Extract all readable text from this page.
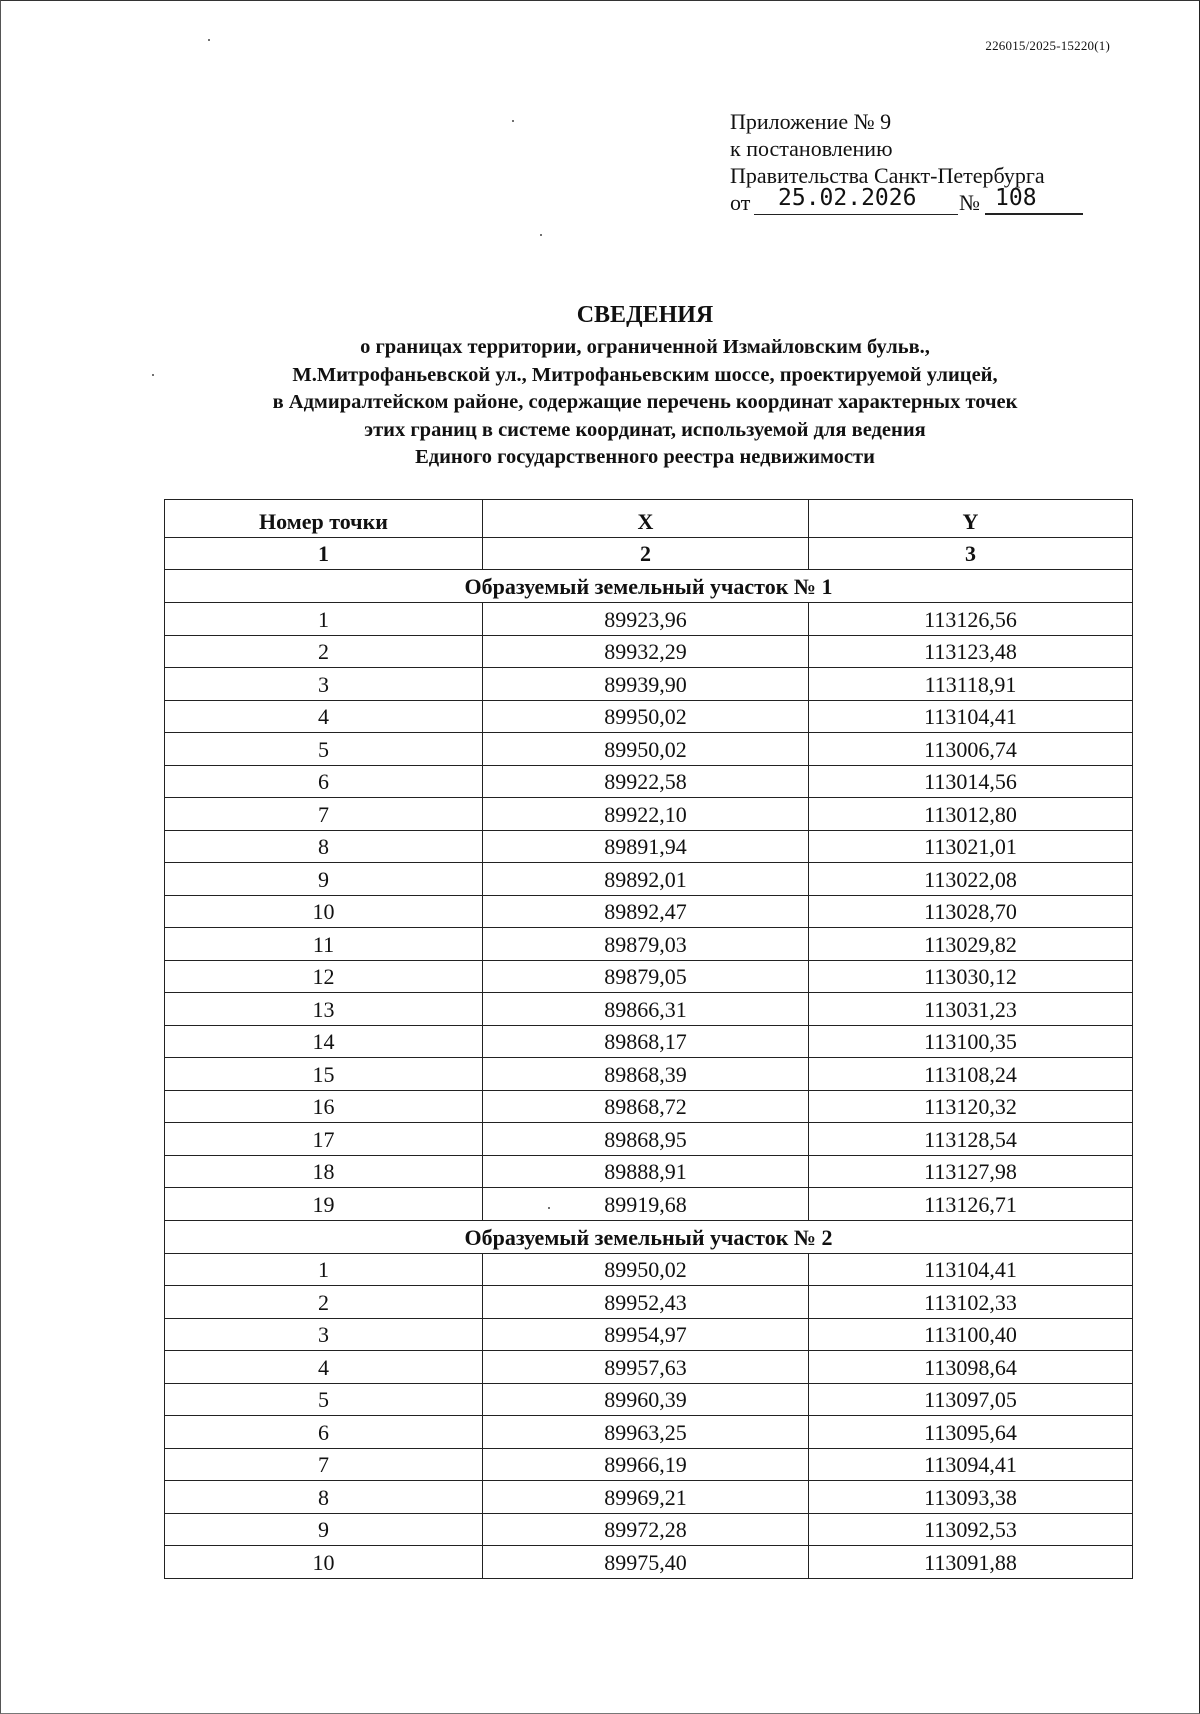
226015/2025-15220(1)
Приложение № 9
к постановлению
Правительства Санкт-Петербурга
от	25.02.2026	№ 108
СВЕДЕНИЯ
о границах территории, ограниченной Измайловским бульв.,
М.Митрофаньевской ул., Митрофаньевским шоссе, проектируемой улицей,
в Адмиралтейском районе, содержащие перечень координат характерных точек
этих границ в системе координат, используемой для ведения
Единого государственного реестра недвижимости
Номер точки	X	Y
1	2	3
Образуемый земельный участок № 1		
1	89923,96	113126,56
2	89932,29	113123,48
3	89939,90	113118,91
4	89950,02	113104,41
5	89950,02	113006,74
6	89922,58	113014,56
7	89922,10	113012,80
8	89891,94	113021,01
9	89892,01	113022,08
10	89892,47	113028,70
11	89879,03	113029,82
12	89879,05	113030,12
13	89866,31	113031,23
14	89868,17	113100,35
15	89868,39	113108,24
16	89868,72	113120,32
17	89868,95	113128,54
18	89888,91	113127,98
19	89919,68	113126,71
Образуемый земельный участок № 2		
1	89950,02	113104,41
2	89952,43	113102,33
3	89954,97	113100,40
4	89957,63	113098,64
5	89960,39	113097,05
6	89963,25	113095,64
7	89966,19	113094,41
8	89969,21	113093,38
9	89972,28	113092,53
10	89975,40	113091,88
